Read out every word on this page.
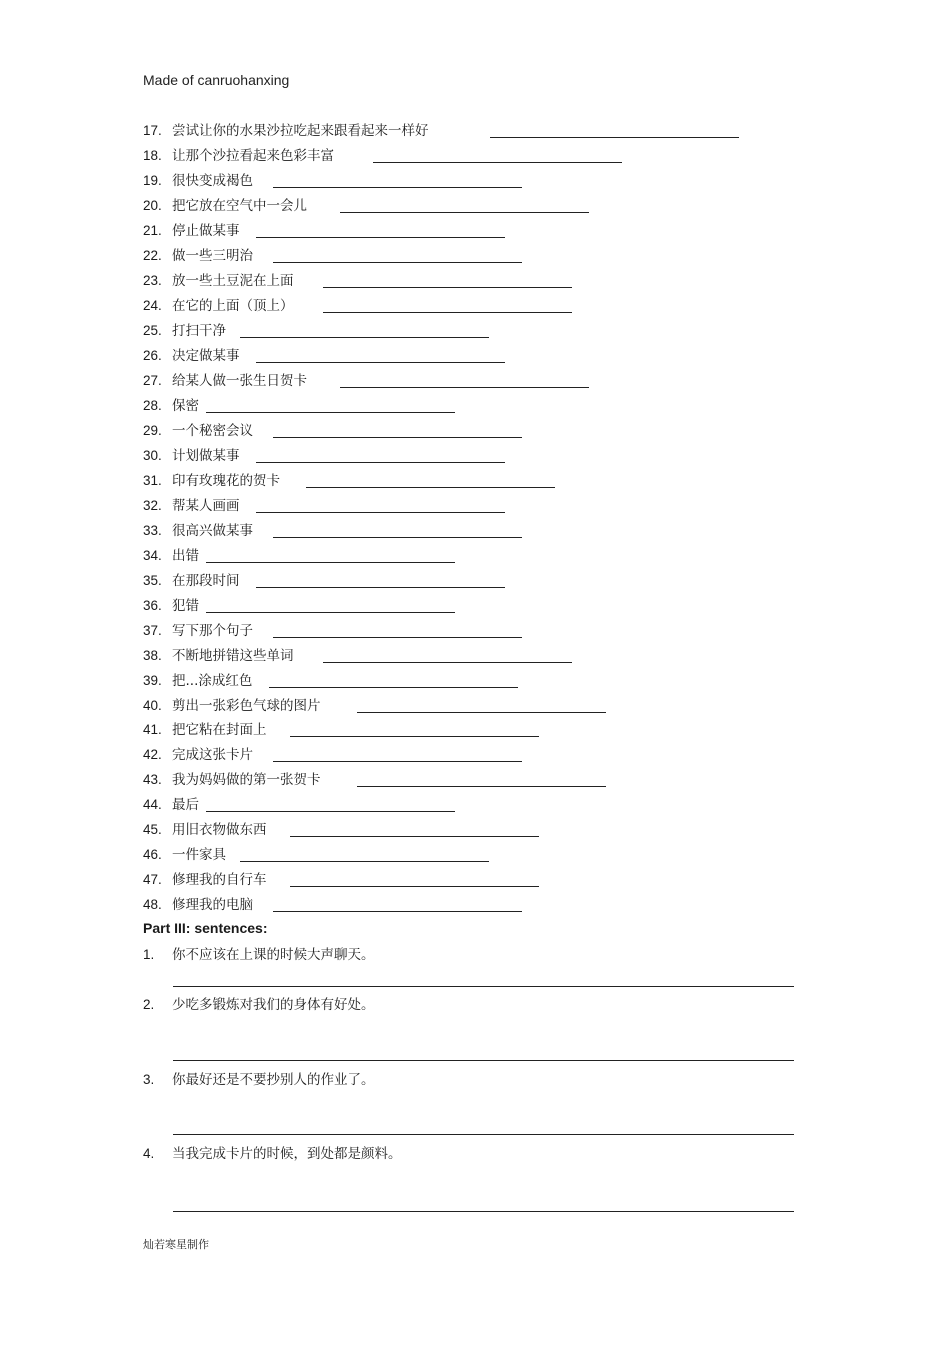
Made of canruohanxing
17. 尝试让你的水果沙拉吃起来跟看起来一样好
18. 让那个沙拉看起来色彩丰富
19. 很快变成褐色
20. 把它放在空气中一会儿
21. 停止做某事
22. 做一些三明治
23. 放一些土豆泥在上面
24. 在它的上面（顶上）
25. 打扫干净
26. 决定做某事
27. 给某人做一张生日贺卡
28. 保密
29. 一个秘密会议
30. 计划做某事
31. 印有玫瑰花的贺卡
32. 帮某人画画
33. 很高兴做某事
34. 出错
35. 在那段时间
36. 犯错
37. 写下那个句子
38. 不断地拼错这些单词
39. 把...涂成红色
40. 剪出一张彩色气球的图片
41. 把它粘在封面上
42. 完成这张卡片
43. 我为妈妈做的第一张贺卡
44. 最后
45. 用旧衣物做东西
46. 一件家具
47. 修理我的自行车
48. 修理我的电脑
Part III: sentences:
1. 你不应该在上课的时候大声聊天。
2. 少吃多锻炼对我们的身体有好处。
3. 你最好还是不要抄别人的作业了。
4. 当我完成卡片的时候，到处都是颜料。
灿若寒星制作
